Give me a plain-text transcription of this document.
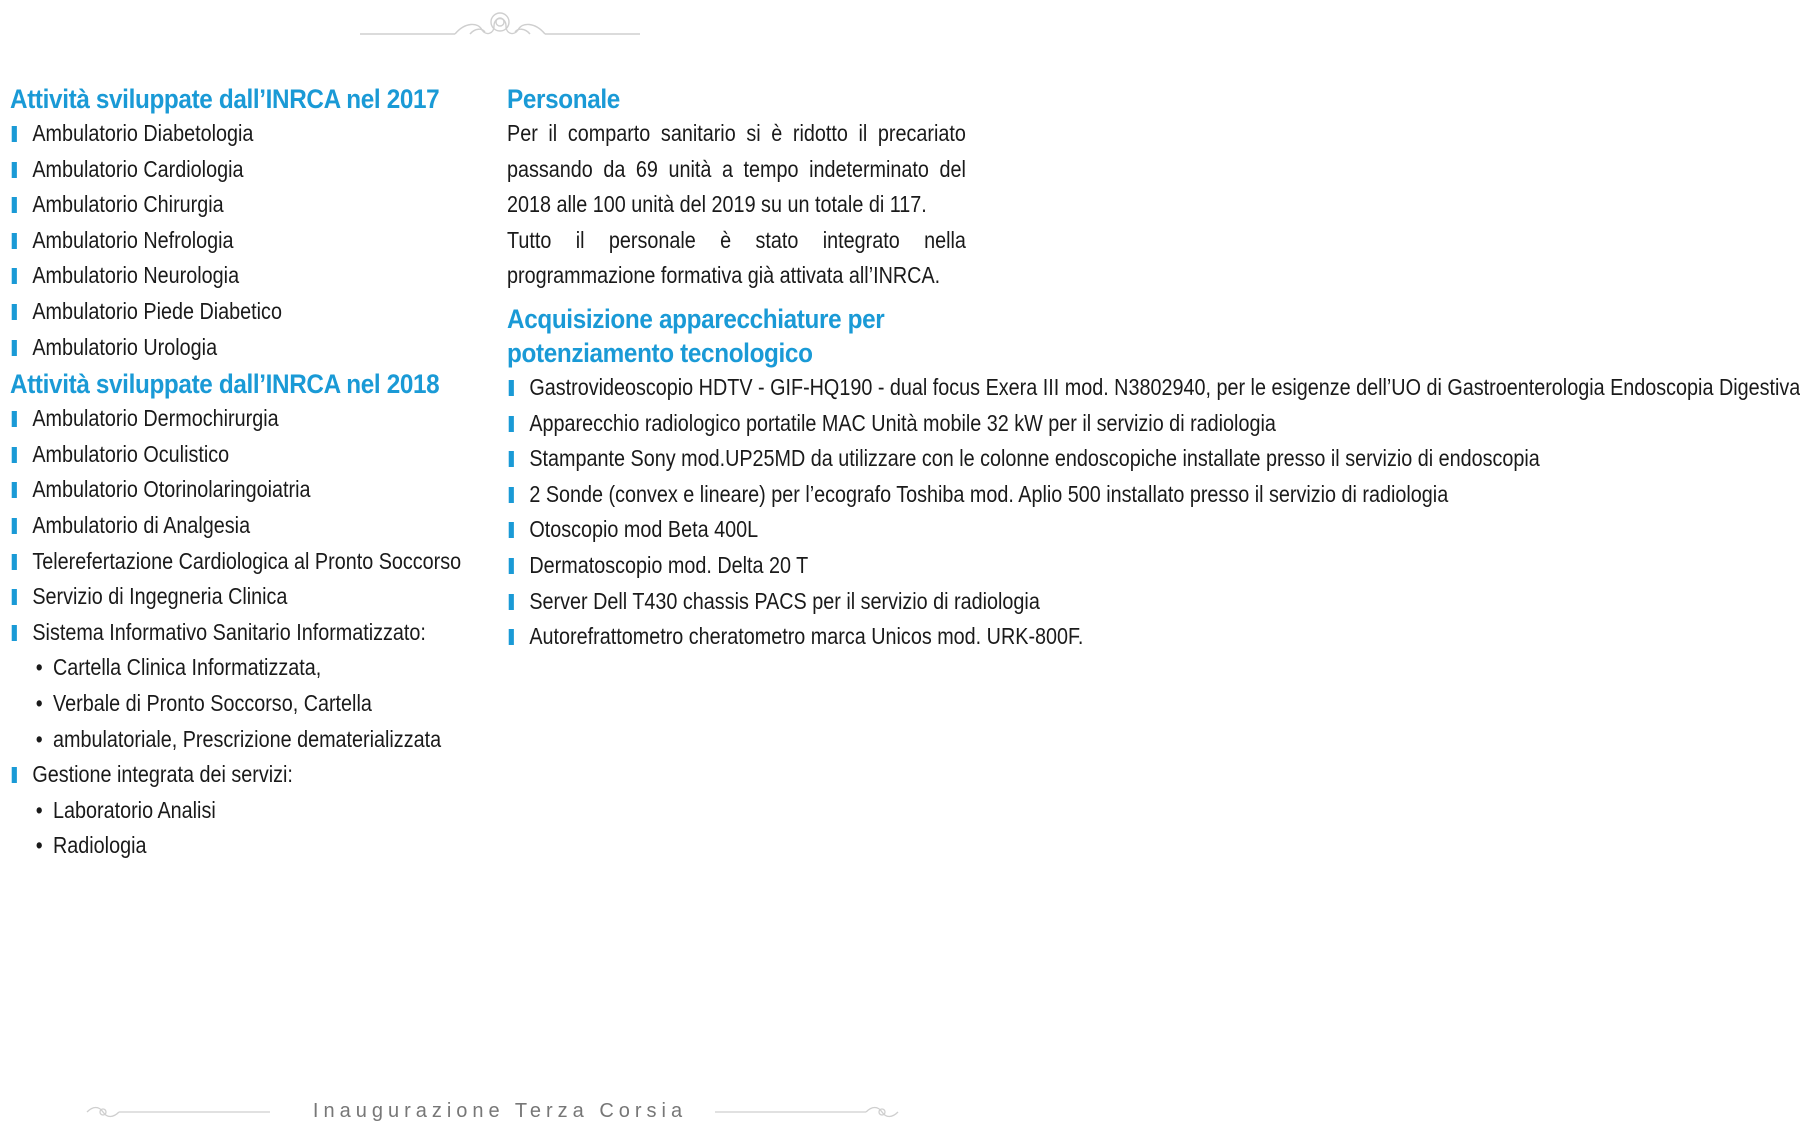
Attività sviluppate dall’INRCA nel 2017
Ambulatorio Diabetologia
Ambulatorio Cardiologia
Ambulatorio Chirurgia
Ambulatorio Nefrologia
Ambulatorio Neurologia
Ambulatorio Piede Diabetico
Ambulatorio Urologia
Attività sviluppate dall’INRCA nel 2018
Ambulatorio Dermochirurgia
Ambulatorio Oculistico
Ambulatorio Otorinolaringoiatria
Ambulatorio di Analgesia
Telerefertazione Cardiologica al Pronto Soccorso
Servizio di Ingegneria Clinica
Sistema Informativo Sanitario Informatizzato:
• Cartella Clinica Informatizzata,
• Verbale di Pronto Soccorso, Cartella
• ambulatoriale, Prescrizione dematerializzata
Gestione integrata dei servizi:
• Laboratorio Analisi
• Radiologia
Personale

Per il comparto sanitario si è ridotto il precariato passando da 69 unità a tempo indeterminato del 2018 alle 100 unità del 2019 su un totale di 117.

Tutto il personale è stato integrato nella programmazione formativa già attivata all’INRCA.

Acquisizione apparecchiature per
potenziamento tecnologico
Gastrovideoscopio HDTV - GIF-HQ190 - dual focus Exera III mod. N3802940, per le esigenze dell’UO di Gastroenterologia Endoscopia Digestiva
Apparecchio radiologico portatile MAC Unità mobile 32 kW per il servizio di radiologia
Stampante Sony mod.UP25MD da utilizzare con le colonne endoscopiche installate presso il servizio di endoscopia
2 Sonde (convex e lineare) per l’ecografo Toshiba mod. Aplio 500 installato presso il servizio di radiologia
Otoscopio mod Beta 400L
Dermatoscopio mod. Delta 20 T
Server Dell T430 chassis PACS per il servizio di radiologia
Autorefrattometro cheratometro marca Unicos mod. URK-800F.
Inaugurazione Terza Corsia
